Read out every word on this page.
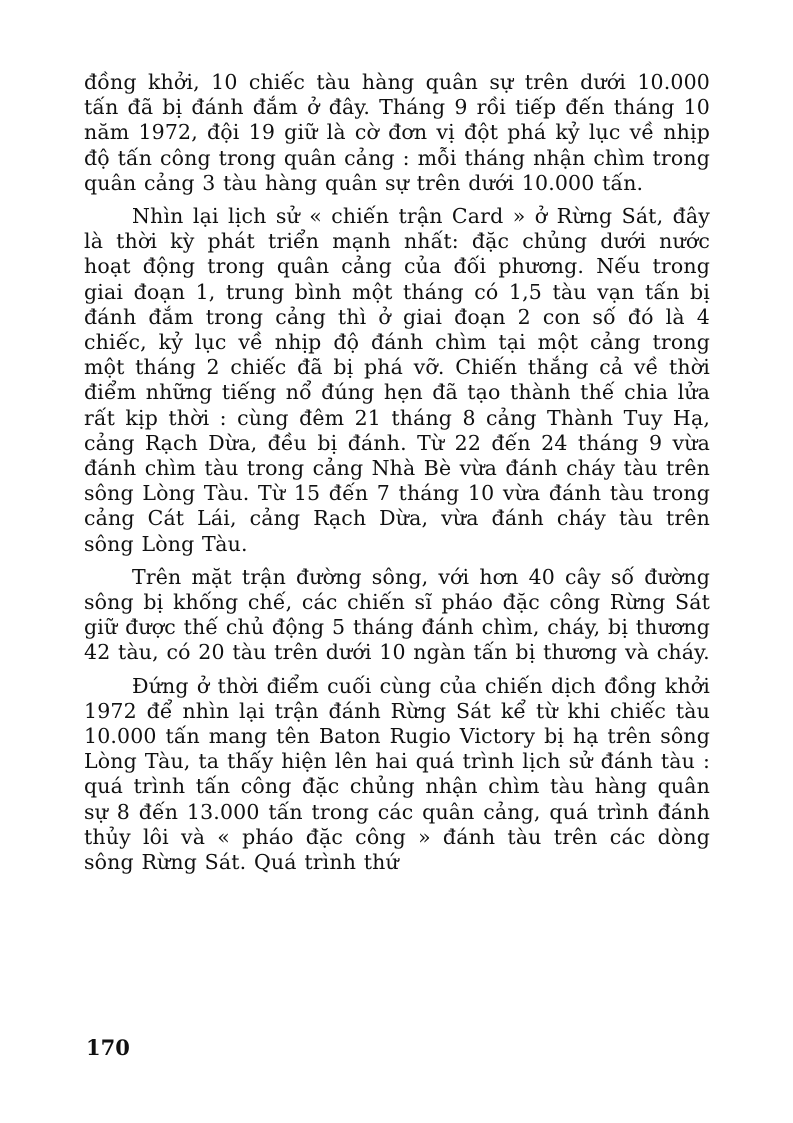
đồng khởi, 10 chiếc tàu hàng quân sự trên dưới 10.000 tấn đã bị đánh đắm ở đây. Tháng 9 rồi tiếp đến tháng 10 năm 1972, đội 19 giữ là cờ đơn vị đột phá kỷ lục về nhịp độ tấn công trong quân cảng : mỗi tháng nhận chìm trong quân cảng 3 tàu hàng quân sự trên dưới 10.000 tấn.

Nhìn lại lịch sử « chiến trận Card » ở Rừng Sát, đây là thời kỳ phát triển mạnh nhất: đặc chủng dưới nước hoạt động trong quân cảng của đối phương. Nếu trong giai đoạn 1, trung bình một tháng có 1,5 tàu vạn tấn bị đánh đắm trong cảng thì ở giai đoạn 2 con số đó là 4 chiếc, kỷ lục về nhịp độ đánh chìm tại một cảng trong một tháng 2 chiếc đã bị phá vỡ. Chiến thắng cả về thời điểm những tiếng nổ đúng hẹn đã tạo thành thế chia lửa rất kịp thời : cùng đêm 21 tháng 8 cảng Thành Tuy Hạ, cảng Rạch Dừa, đều bị đánh. Từ 22 đến 24 tháng 9 vừa đánh chìm tàu trong cảng Nhà Bè vừa đánh cháy tàu trên sông Lòng Tàu. Từ 15 đến 7 tháng 10 vừa đánh tàu trong cảng Cát Lái, cảng Rạch Dừa, vừa đánh cháy tàu trên sông Lòng Tàu.

Trên mặt trận đường sông, với hơn 40 cây số đường sông bị khống chế, các chiến sĩ pháo đặc công Rừng Sát giữ được thế chủ động 5 tháng đánh chìm, cháy, bị thương 42 tàu, có 20 tàu trên dưới 10 ngàn tấn bị thương và cháy.

Đứng ở thời điểm cuối cùng của chiến dịch đồng khởi 1972 để nhìn lại trận đánh Rừng Sát kể từ khi chiếc tàu 10.000 tấn mang tên Baton Rugio Victory bị hạ trên sông Lòng Tàu, ta thấy hiện lên hai quá trình lịch sử đánh tàu : quá trình tấn công đặc chủng nhận chìm tàu hàng quân sự 8 đến 13.000 tấn trong các quân cảng, quá trình đánh thủy lôi và « pháo đặc công » đánh tàu trên các dòng sông Rừng Sát. Quá trình thứ

170
